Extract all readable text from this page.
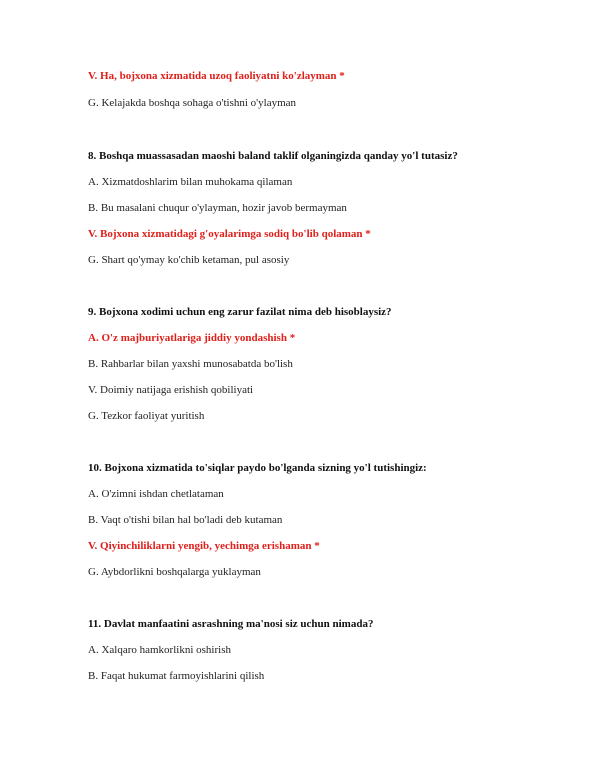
V. Ha, bojxona xizmatida uzoq faoliyatni ko'zlayman *
G. Kelajakda boshqa sohaga o'tishni o'ylayman
8. Boshqa muassasadan maoshi baland taklif olganingizda qanday yo'l tutasiz?
A. Xizmatdoshlarim bilan muhokama qilaman
B. Bu masalani chuqur o'ylayman, hozir javob bermayman
V. Bojxona xizmatidagi g'oyalarimga sodiq bo'lib qolaman *
G. Shart qo'ymay ko'chib ketaman, pul asosiy
9. Bojxona xodimi uchun eng zarur fazilat nima deb hisoblaysiz?
A. O'z majburiyatlariga jiddiy yondashish *
B. Rahbarlar bilan yaxshi munosabatda bo'lish
V. Doimiy natijaga erishish qobiliyati
G. Tezkor faoliyat yuritish
10. Bojxona xizmatida to'siqlar paydo bo'lganda sizning yo'l tutishingiz:
A. O'zimni ishdan chetlataman
B. Vaqt o'tishi bilan hal bo'ladi deb kutaman
V. Qiyinchiliklarni yengib, yechimga erishaman *
G. Aybdorlikni boshqalarga yuklayman
11. Davlat manfaatini asrashning ma'nosi siz uchun nimada?
A. Xalqaro hamkorlikni oshirish
B. Faqat hukumat farmoyishlarini qilish
